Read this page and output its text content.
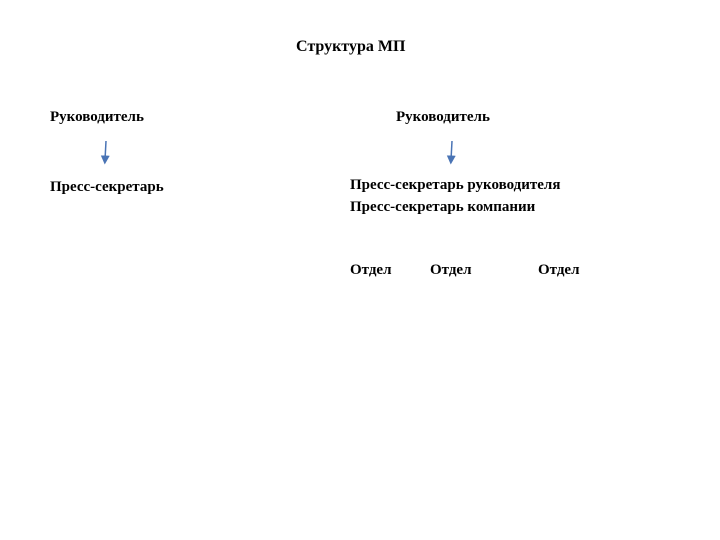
Структура МП
Руководитель
Пресс-секретарь
Руководитель
Пресс-секретарь руководителя
Пресс-секретарь компании
Отдел	Отдел	Отдел
